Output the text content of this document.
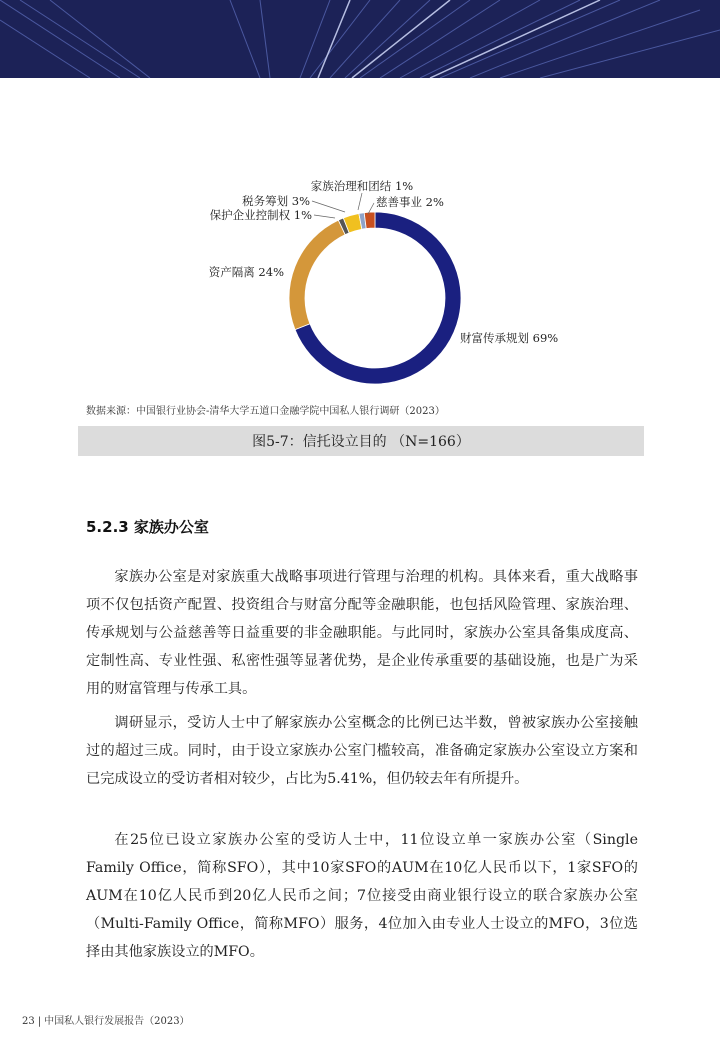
财富传承规划 69%
资产隔离 24%
保护企业控制权 1%
税务筹划 3%
家族治理和团结 1%
慈善事业 2%
数据来源：中国银行业协会-清华大学五道口金融学院中国私人银行调研（2023）
图5-7：信托设立目的 （N=166）
5.2.3 家族办公室

家族办公室是对家族重大战略事项进行管理与治理的机构。具体来看，重大战略事项不仅包括资产配置、投资组合与财富分配等金融职能，也包括风险管理、家族治理、传承规划与公益慈善等日益重要的非金融职能。与此同时，家族办公室具备集成度高、定制性高、专业性强、私密性强等显著优势，是企业传承重要的基础设施，也是广为采用的财富管理与传承工具。

调研显示，受访人士中了解家族办公室概念的比例已达半数，曾被家族办公室接触过的超过三成。同时，由于设立家族办公室门槛较高，准备确定家族办公室设立方案和已完成设立的受访者相对较少，占比为5.41%，但仍较去年有所提升。

在25位已设立家族办公室的受访人士中，11位设立单一家族办公室（Single Family Office，简称SFO），其中10家SFO的AUM在10亿人民币以下，1家SFO的AUM在10亿人民币到20亿人民币之间；7位接受由商业银行设立的联合家族办公室（Multi-Family Office，简称MFO）服务，4位加入由专业人士设立的MFO，3位选择由其他家族设立的MFO。

23 | 中国私人银行发展报告（2023）
